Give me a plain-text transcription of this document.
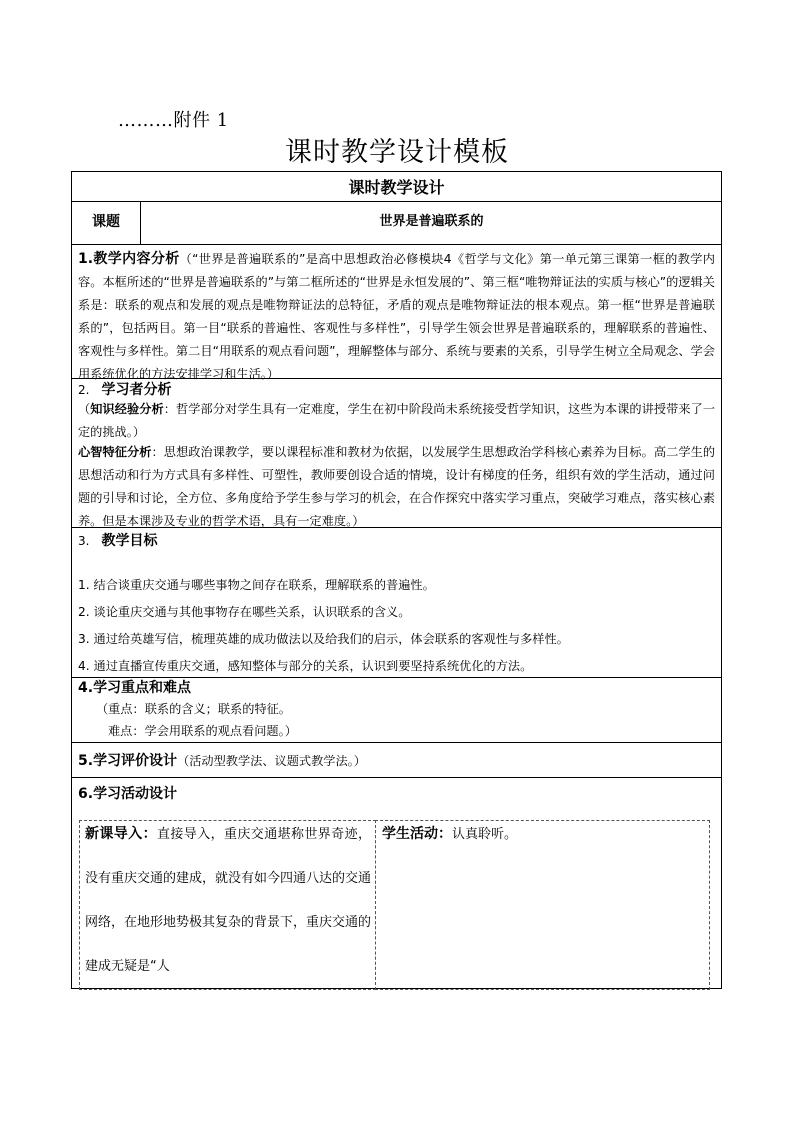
………附件 1
课时教学设计模板
课时教学设计
课题	世界是普遍联系的
1.教学内容分析（“世界是普遍联系的”是高中思想政治必修模块4《哲学与文化》第一单元第三课第一框的教学内容。本框所述的“世界是普遍联系的”与第二框所述的“世界是永恒发展的”、第三框“唯物辩证法的实质与核心”的逻辑关系是：联系的观点和发展的观点是唯物辩证法的总特征，矛盾的观点是唯物辩证法的根本观点。第一框“世界是普遍联系的”，包括两目。第一目“联系的普遍性、客观性与多样性”，引导学生领会世界是普遍联系的，理解联系的普遍性、客观性与多样性。第二目“用联系的观点看问题”，理解整体与部分、系统与要素的关系，引导学生树立全局观念、学会用系统优化的方法安排学习和生活。）
2. 学习者分析
（知识经验分析：哲学部分对学生具有一定难度，学生在初中阶段尚未系统接受哲学知识，这些为本课的讲授带来了一定的挑战。）
心智特征分析：思想政治课教学，要以课程标准和教材为依据，以发展学生思想政治学科核心素养为目标。高二学生的思想活动和行为方式具有多样性、可塑性，教师要创设合适的情境，设计有梯度的任务，组织有效的学生活动，通过问题的引导和讨论，全方位、多角度给予学生参与学习的机会，在合作探究中落实学习重点，突破学习难点，落实核心素养。但是本课涉及专业的哲学术语，具有一定难度。）
3. 教学目标
1. 结合谈重庆交通与哪些事物之间存在联系，理解联系的普遍性。
2. 谈论重庆交通与其他事物存在哪些关系，认识联系的含义。
3. 通过给英雄写信，梳理英雄的成功做法以及给我们的启示，体会联系的客观性与多样性。
4. 通过直播宣传重庆交通，感知整体与部分的关系，认识到要坚持系统优化的方法。
4.学习重点和难点
（重点：联系的含义；联系的特征。
难点：学会用联系的观点看问题。）
5.学习评价设计（活动型教学法、议题式教学法。）
6.学习活动设计
新课导入：直接导入，重庆交通堪称世界奇迹，没有重庆交通的建成，就没有如今四通八达的交通网络，在地形地势极其复杂的背景下，重庆交通的建成无疑是“人
学生活动：认真聆听。
